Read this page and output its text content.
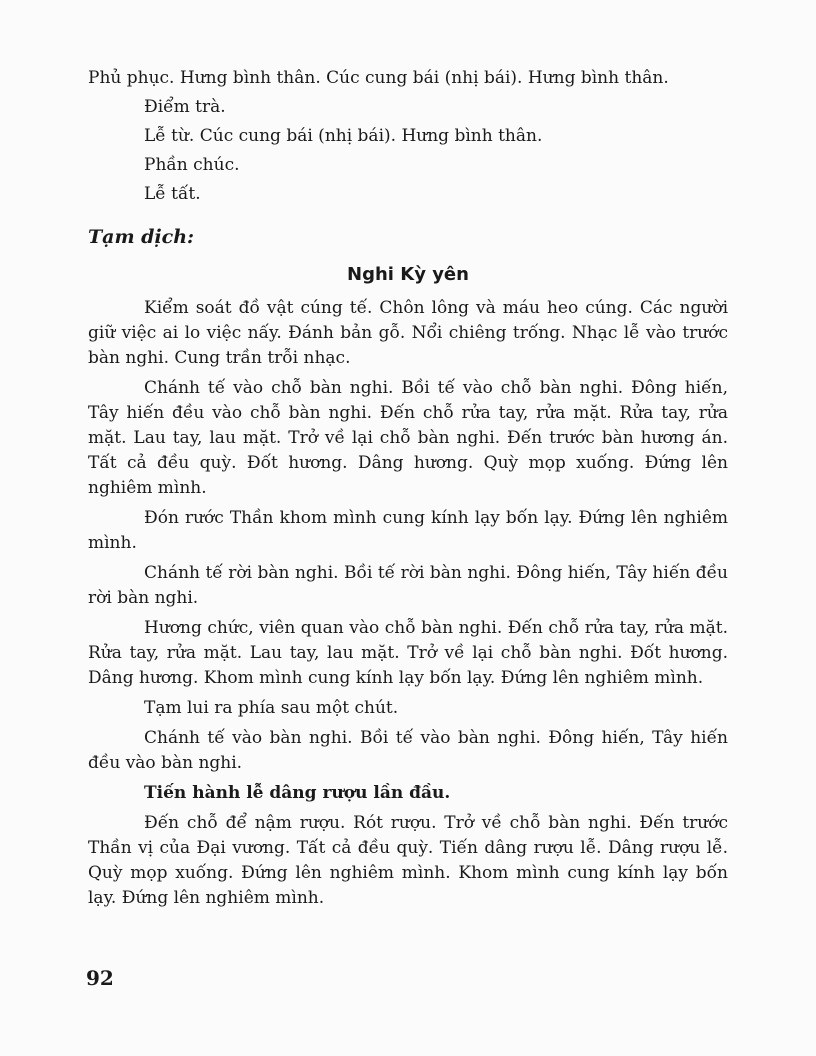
Phủ phục. Hưng bình thân. Cúc cung bái (nhị bái). Hưng bình thân.

Điểm trà.

Lễ từ. Cúc cung bái (nhị bái). Hưng bình thân.

Phần chúc.

Lễ tất.

Tạm dịch:

Nghi Kỳ yên

Kiểm soát đồ vật cúng tế. Chôn lông và máu heo cúng. Các người giữ việc ai lo việc nấy. Đánh bản gỗ. Nổi chiêng trống. Nhạc lễ vào trước bàn nghi. Cung trần trỗi nhạc.

Chánh tế vào chỗ bàn nghi. Bồi tế vào chỗ bàn nghi. Đông hiến, Tây hiến đều vào chỗ bàn nghi. Đến chỗ rửa tay, rửa mặt. Rửa tay, rửa mặt. Lau tay, lau mặt. Trở về lại chỗ bàn nghi. Đến trước bàn hương án. Tất cả đều quỳ. Đốt hương. Dâng hương. Quỳ mọp xuống. Đứng lên nghiêm mình.

Đón rước Thần khom mình cung kính lạy bốn lạy. Đứng lên nghiêm mình.

Chánh tế rời bàn nghi. Bồi tế rời bàn nghi. Đông hiến, Tây hiến đều rời bàn nghi.

Hương chức, viên quan vào chỗ bàn nghi. Đến chỗ rửa tay, rửa mặt. Rửa tay, rửa mặt. Lau tay, lau mặt. Trở về lại chỗ bàn nghi. Đốt hương. Dâng hương. Khom mình cung kính lạy bốn lạy. Đứng lên nghiêm mình.

Tạm lui ra phía sau một chút.

Chánh tế vào bàn nghi. Bồi tế vào bàn nghi. Đông hiến, Tây hiến đều vào bàn nghi.

Tiến hành lễ dâng rượu lần đầu.

Đến chỗ để nậm rượu. Rót rượu. Trở về chỗ bàn nghi. Đến trước Thần vị của Đại vương. Tất cả đều quỳ. Tiến dâng rượu lễ. Dâng rượu lễ. Quỳ mọp xuống. Đứng lên nghiêm mình. Khom mình cung kính lạy bốn lạy. Đứng lên nghiêm mình.

92
